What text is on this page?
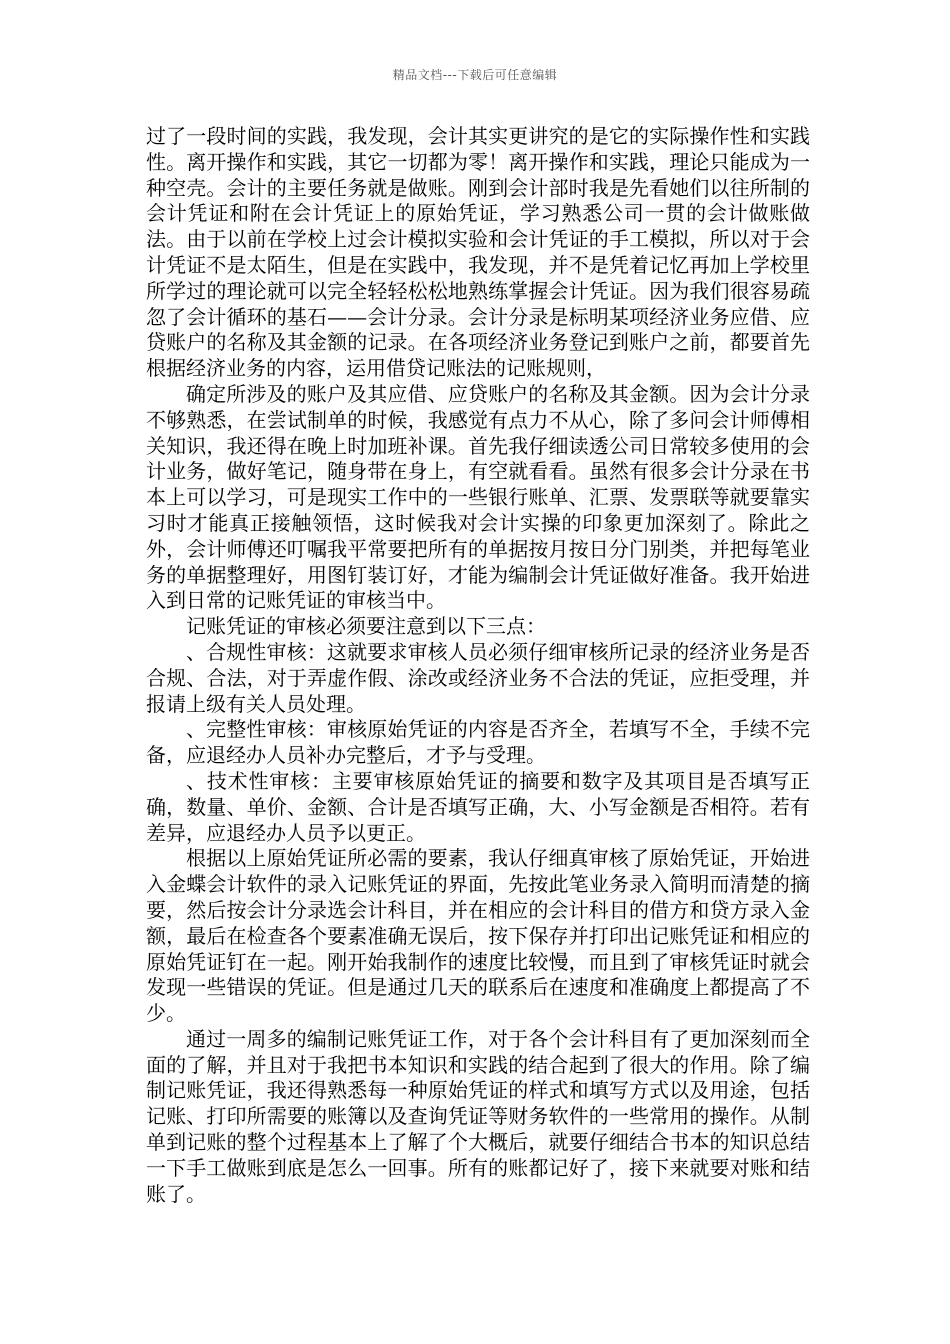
精品文档---下载后可任意编辑

过了一段时间的实践，我发现，会计其实更讲究的是它的实际操作性和实践性。离开操作和实践，其它一切都为零！离开操作和实践，理论只能成为一种空壳。会计的主要任务就是做账。刚到会计部时我是先看她们以往所制的会计凭证和附在会计凭证上的原始凭证，学习熟悉公司一贯的会计做账做法。由于以前在学校上过会计模拟实验和会计凭证的手工模拟，所以对于会计凭证不是太陌生，但是在实践中，我发现，并不是凭着记忆再加上学校里所学过的理论就可以完全轻轻松松地熟练掌握会计凭证。因为我们很容易疏忽了会计循环的基石——会计分录。会计分录是标明某项经济业务应借、应贷账户的名称及其金额的记录。在各项经济业务登记到账户之前，都要首先根据经济业务的内容，运用借贷记账法的记账规则，

确定所涉及的账户及其应借、应贷账户的名称及其金额。因为会计分录不够熟悉，在尝试制单的时候，我感觉有点力不从心，除了多问会计师傅相关知识，我还得在晚上时加班补课。首先我仔细读透公司日常较多使用的会计业务，做好笔记，随身带在身上，有空就看看。虽然有很多会计分录在书本上可以学习，可是现实工作中的一些银行账单、汇票、发票联等就要靠实习时才能真正接触领悟，这时候我对会计实操的印象更加深刻了。除此之外，会计师傅还叮嘱我平常要把所有的单据按月按日分门别类，并把每笔业务的单据整理好，用图钉装订好，才能为编制会计凭证做好准备。我开始进入到日常的记账凭证的审核当中。

记账凭证的审核必须要注意到以下三点：

、合规性审核：这就要求审核人员必须仔细审核所记录的经济业务是否合规、合法，对于弄虚作假、涂改或经济业务不合法的凭证，应拒受理，并报请上级有关人员处理。

、完整性审核：审核原始凭证的内容是否齐全，若填写不全，手续不完备，应退经办人员补办完整后，才予与受理。

、技术性审核：主要审核原始凭证的摘要和数字及其项目是否填写正确，数量、单价、金额、合计是否填写正确，大、小写金额是否相符。若有差异，应退经办人员予以更正。

根据以上原始凭证所必需的要素，我认仔细真审核了原始凭证，开始进入金蝶会计软件的录入记账凭证的界面，先按此笔业务录入简明而清楚的摘要，然后按会计分录选会计科目，并在相应的会计科目的借方和贷方录入金额，最后在检查各个要素准确无误后，按下保存并打印出记账凭证和相应的原始凭证钉在一起。刚开始我制作的速度比较慢，而且到了审核凭证时就会发现一些错误的凭证。但是通过几天的联系后在速度和准确度上都提高了不少。

通过一周多的编制记账凭证工作，对于各个会计科目有了更加深刻而全面的了解，并且对于我把书本知识和实践的结合起到了很大的作用。除了编制记账凭证，我还得熟悉每一种原始凭证的样式和填写方式以及用途，包括记账、打印所需要的账簿以及查询凭证等财务软件的一些常用的操作。从制单到记账的整个过程基本上了解了个大概后，就要仔细结合书本的知识总结一下手工做账到底是怎么一回事。所有的账都记好了，接下来就要对账和结账了。
